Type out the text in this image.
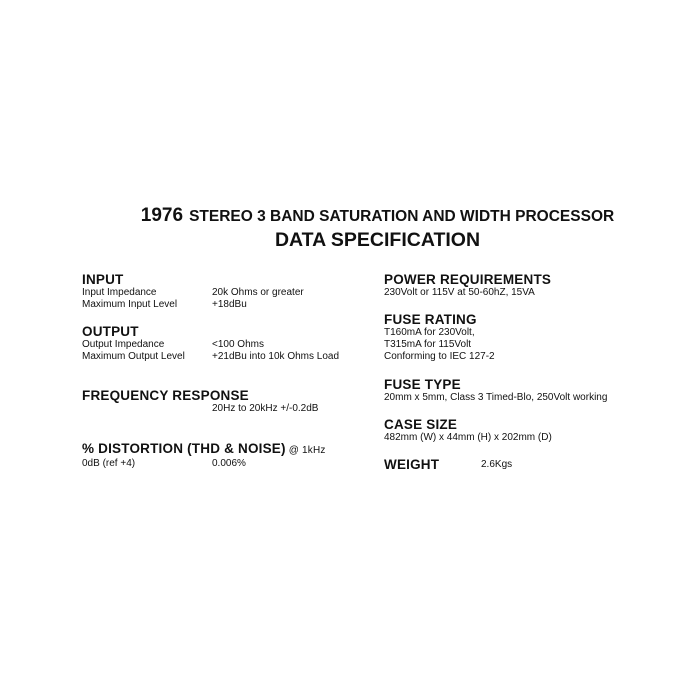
1976 STEREO 3 BAND SATURATION AND WIDTH PROCESSOR
DATA SPECIFICATION
INPUT
Input Impedance	20k Ohms or greater
Maximum Input Level	+18dBu
OUTPUT
Output Impedance	<100 Ohms
Maximum Output Level	+21dBu into 10k Ohms Load
FREQUENCY RESPONSE
20Hz to 20kHz +/-0.2dB
% DISTORTION (THD & NOISE) @ 1kHz
0dB (ref +4)	0.006%
POWER REQUIREMENTS
230Volt or 115V at 50-60hZ, 15VA
FUSE RATING
T160mA for 230Volt,
T315mA for 115Volt
Conforming to IEC 127-2
FUSE TYPE
20mm x 5mm, Class 3 Timed-Blo, 250Volt working
CASE SIZE
482mm (W) x 44mm (H) x 202mm (D)
WEIGHT	2.6Kgs
